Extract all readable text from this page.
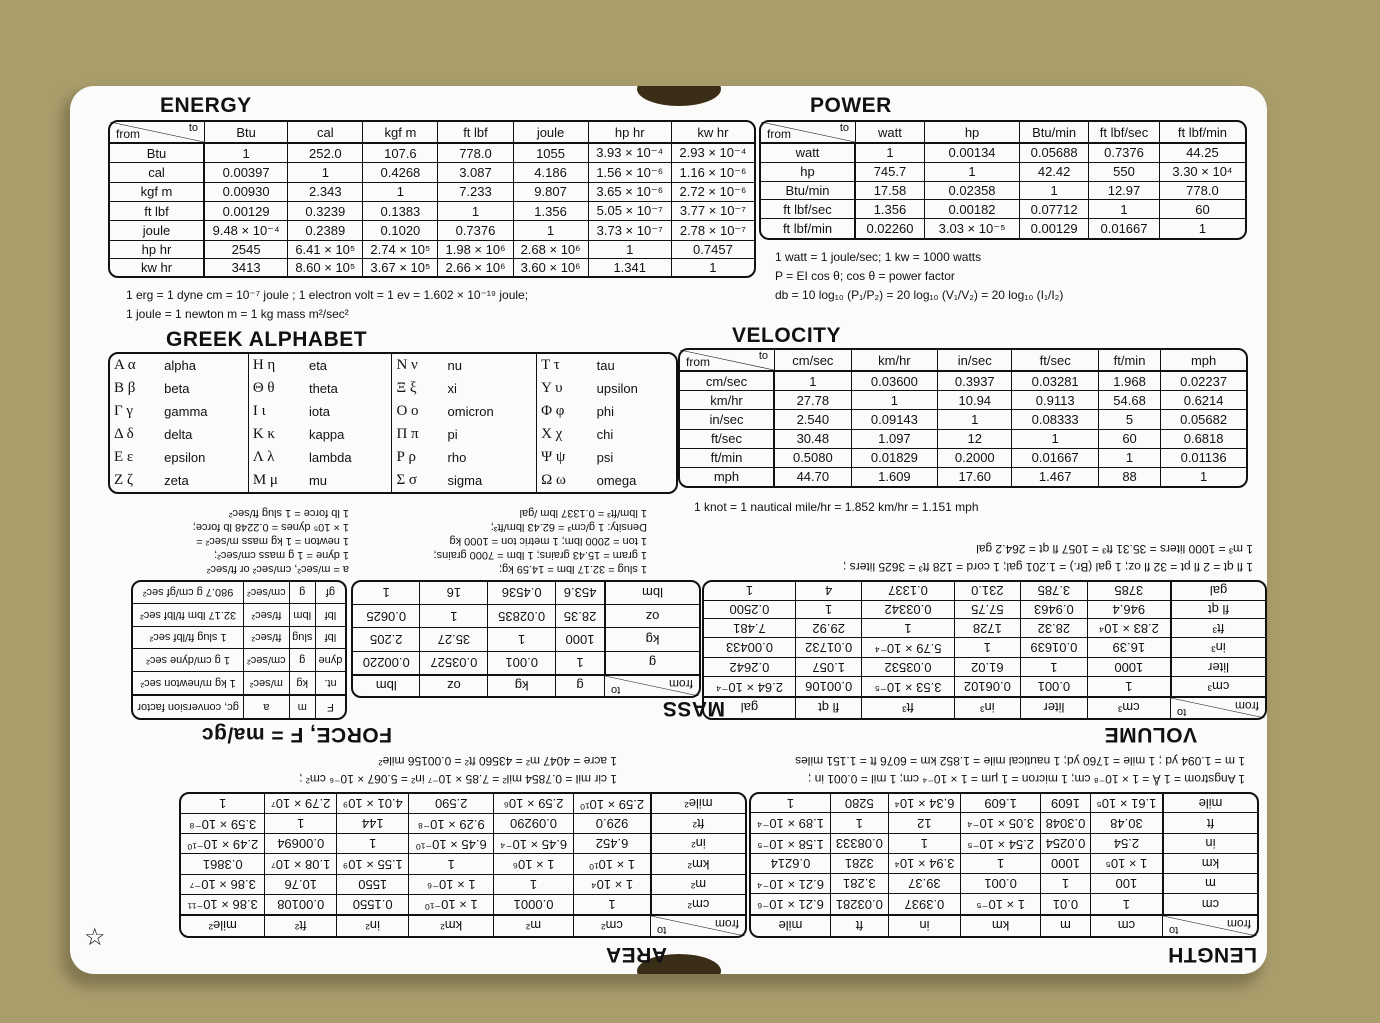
ENERGY
from to	Btu	cal	kgf m	ft lbf	joule	hp hr	kw hr
Btu	1	252.0	107.6	778.0	1055	3.93 × 10⁻⁴	2.93 × 10⁻⁴
cal	0.00397	1	0.4268	3.087	4.186	1.56 × 10⁻⁶	1.16 × 10⁻⁶
kgf m	0.00930	2.343	1	7.233	9.807	3.65 × 10⁻⁶	2.72 × 10⁻⁶
ft lbf	0.00129	0.3239	0.1383	1	1.356	5.05 × 10⁻⁷	3.77 × 10⁻⁷
joule	9.48 × 10⁻⁴	0.2389	0.1020	0.7376	1	3.73 × 10⁻⁷	2.78 × 10⁻⁷
hp hr	2545	6.41 × 10⁵	2.74 × 10⁵	1.98 × 10⁶	2.68 × 10⁶	1	0.7457
kw hr	3413	8.60 × 10⁵	3.67 × 10⁵	2.66 × 10⁶	3.60 × 10⁶	1.341	1

1 erg = 1 dyne cm = 10⁻⁷ joule ; 1 electron volt = 1 ev = 1.602 × 10⁻¹⁹ joule;

1 joule = 1 newton m = 1 kg mass m²/sec²

POWER
from to	watt	hp	Btu/min	ft lbf/sec	ft lbf/min
watt	1	0.00134	0.05688	0.7376	44.25
hp	745.7	1	42.42	550	3.30 × 10⁴
Btu/min	17.58	0.02358	1	12.97	778.0
ft lbf/sec	1.356	0.00182	0.07712	1	60
ft lbf/min	0.02260	3.03 × 10⁻⁵	0.00129	0.01667	1

1 watt = 1 joule/sec; 1 kw = 1000 watts

P = EI cos θ; cos θ = power factor

db = 10 log₁₀ (P₁/P₂) = 20 log₁₀ (V₁/V₂) = 20 log₁₀ (I₁/I₂)

GREEK ALPHABET
Α α	alpha	Η η	eta	Ν ν	nu	Τ τ	tau
Β β	beta	Θ θ	theta	Ξ ξ	xi	Υ υ	upsilon
Γ γ	gamma	Ι ι	iota	Ο ο	omicron	Φ φ	phi
Δ δ	delta	Κ κ	kappa	Π π	pi	Χ χ	chi
Ε ε	epsilon	Λ λ	lambda	Ρ ρ	rho	Ψ ψ	psi
Ζ ζ	zeta	Μ μ	mu	Σ σ	sigma	Ω ω	omega
VELOCITY
from to	cm/sec	km/hr	in/sec	ft/sec	ft/min	mph
cm/sec	1	0.03600	0.3937	0.03281	1.968	0.02237
km/hr	27.78	1	10.94	0.9113	54.68	0.6214
in/sec	2.540	0.09143	1	0.08333	5	0.05682
ft/sec	30.48	1.097	12	1	60	0.6818
ft/min	0.5080	0.01829	0.2000	0.01667	1	0.01136
mph	44.70	1.609	17.60	1.467	88	1

1 knot = 1 nautical mile/hr = 1.852 km/hr = 1.151 mph

LENGTH
from
to	cm	m	km	in	ft	mile
cm	1	0.01	1 × 10⁻⁵	0.3937	0.03281	6.21 × 10⁻⁶
m	100	1	0.001	39.37	3.281	6.21 × 10⁻⁴
km	1 × 10⁵	1000	1	3.94 × 10⁴	3281	0.6214
in	2.54	0.0254	2.54 × 10⁻⁵	1	0.08333	1.58 × 10⁻⁵
ft	30.48	0.3048	3.05 × 10⁻⁴	12	1	1.89 × 10⁻⁴
mile	1.61 × 10⁵	1609	1.609	6.34 × 10⁴	5280	1

1 Angstrom = 1 Å = 1 × 10⁻⁸ cm; 1 micron = 1 μm = 1 × 10⁻⁴ cm; 1 mil = 0.001 in ;

1 m = 1.094 yd ; 1 mile = 1760 yd; 1 nautical mile = 1.852 km = 6076 ft = 1.151 miles

AREA
from
to	cm²	m²	km²	in²	ft²	mile²
cm²	1	0.0001	1 × 10⁻¹⁰	0.1550	0.00108	3.86 × 10⁻¹¹
m²	1 × 10⁴	1	1 × 10⁻⁶	1550	10.76	3.86 × 10⁻⁷
km²	1 × 10¹⁰	1 × 10⁶	1	1.55 × 10⁹	1.08 × 10⁷	0.3861
in²	6.452	6.45 × 10⁻⁴	6.45 × 10⁻¹⁰	1	0.00694	2.49 × 10⁻¹⁰
ft²	929.0	0.09290	9.29 × 10⁻⁸	144	1	3.59 × 10⁻⁸
mile²	2.59 × 10¹⁰	2.59 × 10⁶	2.590	4.01 × 10⁹	2.79 × 10⁷	1

1 cir mil = 0.7854 mil² = 7.85 × 10⁻⁷ in² = 5.067 × 10⁻⁶ cm² ;

1 acre = 4047 m² = 43560 ft² = 0.00156 mile²

VOLUME
from
to	cm³	liter	in³	ft³	fl qt	gal
cm³	1	0.001	0.06102	3.53 × 10⁻⁵	0.00106	2.64 × 10⁻⁴
liter	1000	1	61.02	0.03532	1.057	0.2642
in³	16.39	0.01639	1	5.79 × 10⁻⁴	0.01732	0.00433
ft³	2.83 × 10⁴	28.32	1728	1	29.92	7.481
fl qt	946.4	0.9463	57.75	0.03342	1	0.2500
gal	3785	3.785	231.0	0.1337	4	1

1 fl qt = 2 fl pt = 32 fl oz; 1 gal (Br.) = 1.201 gal; 1 cord = 128 ft³ = 3625 liters ;

1 m³ = 1000 liters = 35.31 ft³ = 1057 fl qt = 264.2 gal

MASS
from
to	g	kg	oz	lbm
g	1	0.001	0.03527	0.00220
kg	1000	1	35.27	2.205
oz	28.35	0.02835	1	0.0625
lbm	453.6	0.4536	16	1

FORCE, F = ma/gc
F	m	a	gc, conversion factor
nt.	kg	m/sec²	1 kg m/newton sec²
dyne	g	cm/sec²	1 g cm/dyne sec²
lbf	slug	ft/sec²	1 slug ft/lbf sec²
lbf	lbm	ft/sec²	32.17 lbm ft/lbf sec²
gf	g	cm/sec²	980.7 g cm/gf sec²
1 slug = 32.17 lbm = 14.59 kg;
1 gram = 15.43 grains; 1 lbm = 7000 grains;
1 ton = 2000 lbm; 1 metric ton = 1000 kg
Density: 1 g/cm³ = 62.43 lbm/ft³;
1 lbm/ft³ = 0.1337 lbm /gal
a = m/sec², cm/sec² or ft/sec²
1 dyne = 1 g mass cm/sec²;
1 newton = 1 kg mass m/sec² =
1 × 10⁵ dynes = 0.2248 lb force;
1 lb force = 1 slug ft/sec²
☆
